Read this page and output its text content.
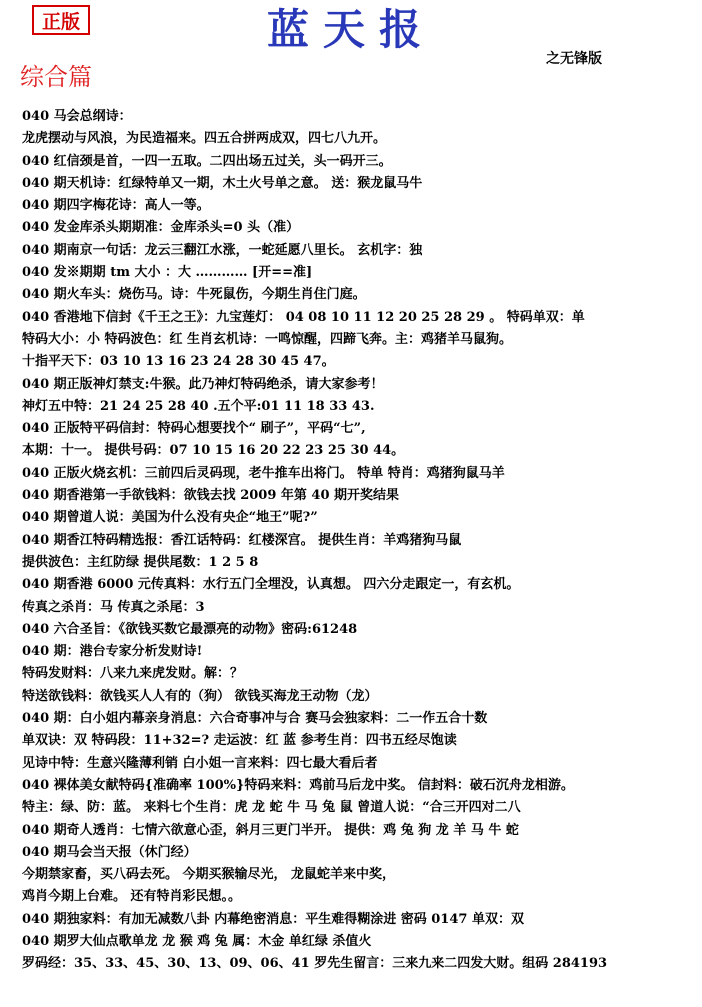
正版	蓝天报
之无锋版
综合篇
040 马会总纲诗：
龙虎摆动与风浪，为民造福来。四五合拼两成双，四七八九开。
040 红信颈是首，一四一五取。二四出场五过关，头一码开三。
040 期天机诗：红绿特单又一期，木土火号单之意。 送：猴龙鼠马牛
040 期四字梅花诗：高人一等。
040 发金库杀头期期准：金库杀头=0 头（准）
040 期南京一句话：龙云三翻江水涨，一蛇延愿八里长。 玄机字：独
040 发※期期 tm 大小 ：大 ………… [开==准]
040 期火车头：烧伤马。诗：牛死鼠伤，今期生肖住门庭。
040 香港地下信封《千王之王》：九宝莲灯： 04 08 10 11 12 20 25 28 29 。 特码单双：单
特码大小：小 特码波色：红 生肖玄机诗：一鸣惊醒，四蹄飞奔。主：鸡猪羊马鼠狗。
十指平天下：03 10 13 16 23 24 28 30 45 47。
040 期正版神灯禁支:牛猴。此乃神灯特码绝杀，请大家参考！
神灯五中特：21 24 25 28 40 .五个平:01 11 18 33 43.
040 正版特平码信封：特码心想要找个“ 刷子”，平码“七”,
本期：十一。 提供号码：07 10 15 16 20 22 23 25 30 44。
040 正版火烧玄机：三前四后灵码现，老牛推车出将门。 特单 特肖：鸡猪狗鼠马羊
040 期香港第一手欲钱料：欲钱去找 2009 年第 40 期开奖结果
040 期曾道人说：美国为什么没有央企“地王”呢?”
040 期香江特码精选报：香江话特码：红楼深宫。 提供生肖：羊鸡猪狗马鼠
提供波色：主红防绿 提供尾数：1 2 5 8
040 期香港 6000 元传真料：水行五门全埋没，认真想。 四六分走跟定一，有玄机。
传真之杀肖：马 传真之杀尾：3
040 六合圣旨：《欲钱买数它最漂亮的动物》密码:61248
040 期：港台专家分析发财诗!
特码发财料：八来九来虎发财。解：？
特送欲钱料：欲钱买人人有的（狗） 欲钱买海龙王动物（龙）
040 期：白小姐内幕亲身消息：六合奇事冲与合 赛马会独家料：二一作五合十数
单双诀：双 特码段：11+32=? 走运波：红 蓝 参考生肖：四书五经尽饱读
见诗中特：生意兴隆薄利销 白小姐一言来料：四七最大看后者
040 裸体美女献特码{准确率 100%}特码来料：鸡前马后龙中奖。 信封料：破石沉舟龙相游。
特主：绿、防：蓝。 来料七个生肖：虎 龙 蛇 牛 马 兔 鼠 曾道人说：“合三开四对二八
040 期奇人透肖：七情六欲意心歪，斜月三更门半开。 提供：鸡 兔 狗 龙 羊 马 牛 蛇
040 期马会当天报（休门经）
今期禁家畜，买八码去死。 今期买猴输尽光， 龙鼠蛇羊来中奖，
鸡肖今期上台难。 还有特肖彩民想。。
040 期独家料：有加无减数八卦 内幕绝密消息：平生难得糊涂进 密码 0147 单双：双
040 期罗大仙点歌单龙 龙 猴 鸡 兔 属：木金 单红绿 杀值火
罗码经：35、33、45、30、13、09、06、41 罗先生留言：三来九来二四发大财。组码 284193
